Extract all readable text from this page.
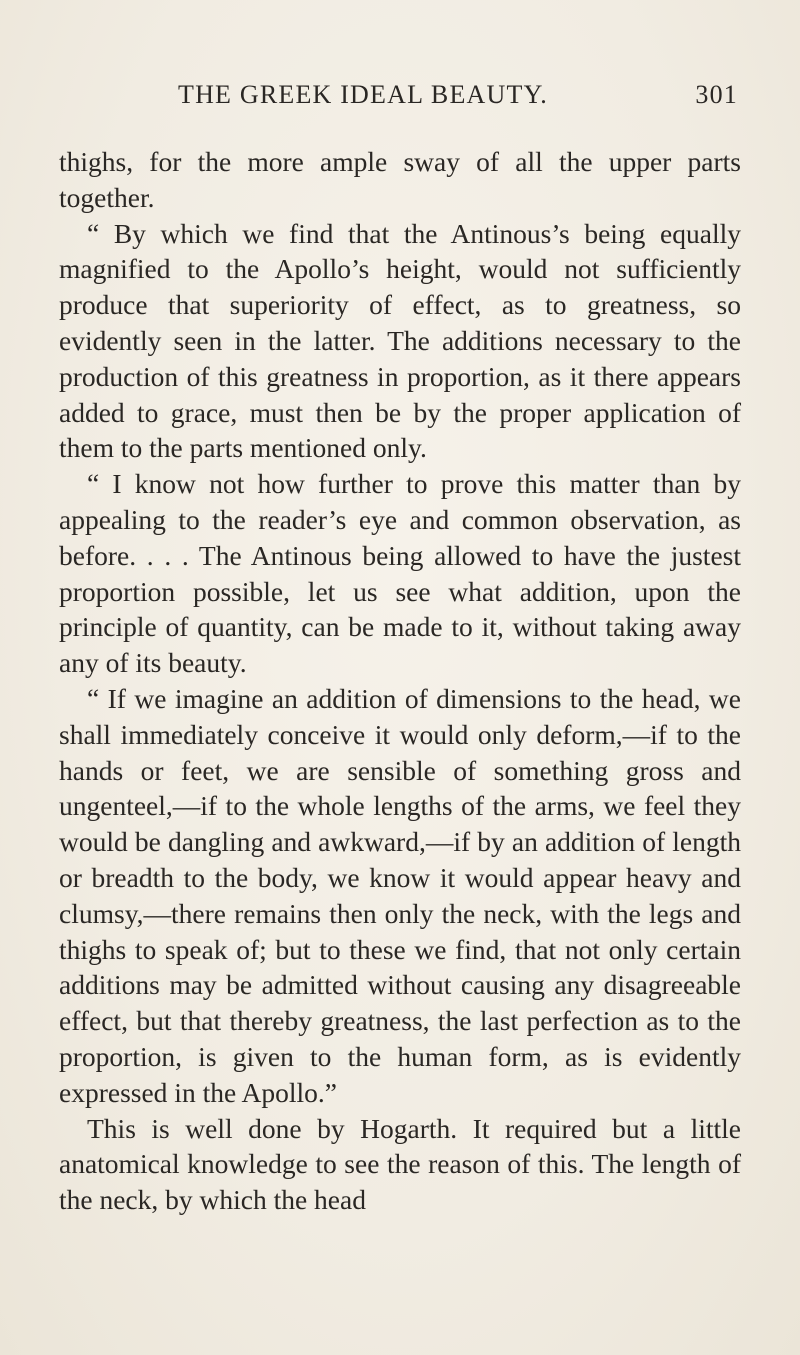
THE GREEK IDEAL BEAUTY.	301

thighs, for the more ample sway of all the upper parts together.

“ By which we find that the Antinous’s being equally magnified to the Apollo’s height, would not sufficiently produce that superiority of effect, as to greatness, so evidently seen in the latter. The additions necessary to the production of this greatness in proportion, as it there appears added to grace, must then be by the proper application of them to the parts mentioned only.

“ I know not how further to prove this matter than by appealing to the reader’s eye and common observation, as before. . . . The Antinous being allowed to have the justest proportion possible, let us see what addition, upon the principle of quantity, can be made to it, without taking away any of its beauty.

“ If we imagine an addition of dimensions to the head, we shall immediately conceive it would only deform,—if to the hands or feet, we are sensible of something gross and ungenteel,—if to the whole lengths of the arms, we feel they would be dangling and awkward,—if by an addition of length or breadth to the body, we know it would appear heavy and clumsy,—there remains then only the neck, with the legs and thighs to speak of; but to these we find, that not only certain additions may be admitted without causing any disagreeable effect, but that thereby greatness, the last perfection as to the proportion, is given to the human form, as is evidently expressed in the Apollo.”

This is well done by Hogarth. It required but a little anatomical knowledge to see the reason of this. The length of the neck, by which the head
